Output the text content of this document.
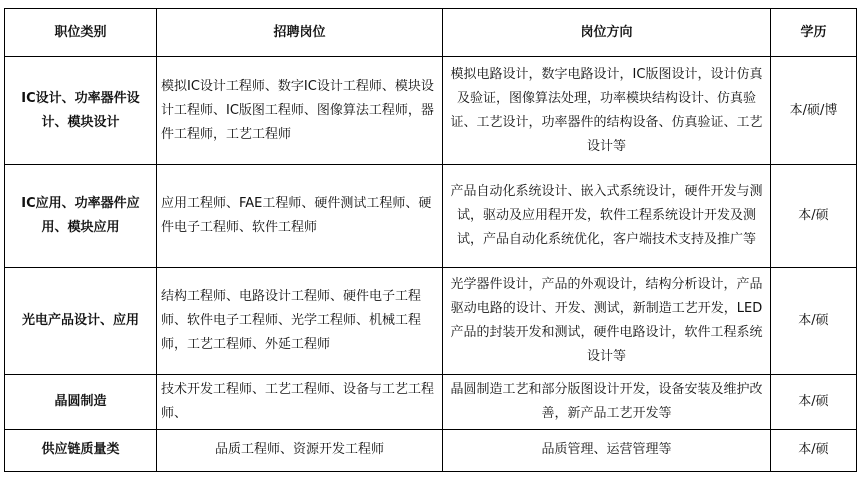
职位类别	招聘岗位	岗位方向	学历
IC设计、功率器件设计、模块设计	模拟IC设计工程师、数字IC设计工程师、模块设计工程师、IC版图工程师、图像算法工程师，器件工程师，工艺工程师	模拟电路设计，数字电路设计，IC版图设计，设计仿真及验证，图像算法处理，功率模块结构设计、仿真验证、工艺设计，功率器件的结构设备、仿真验证、工艺设计等	本/硕/博
IC应用、功率器件应用、模块应用	应用工程师、FAE工程师、硬件测试工程师、硬件电子工程师、软件工程师	产品自动化系统设计、嵌入式系统设计，硬件开发与测试，驱动及应用程开发，软件工程系统设计开发及测试，产品自动化系统优化，客户端技术支持及推广等	本/硕
光电产品设计、应用	结构工程师、电路设计工程师、硬件电子工程师、软件电子工程师、光学工程师、机械工程师，工艺工程师、外延工程师	光学器件设计，产品的外观设计，结构分析设计，产品驱动电路的设计、开发、测试，新制造工艺开发，LED产品的封装开发和测试，硬件电路设计，软件工程系统设计等	本/硕
晶圆制造	技术开发工程师、工艺工程师、设备与工艺工程师、	晶圆制造工艺和部分版图设计开发，设备安装及维护改善，新产品工艺开发等	本/硕
供应链质量类	品质工程师、资源开发工程师	品质管理、运营管理等	本/硕
